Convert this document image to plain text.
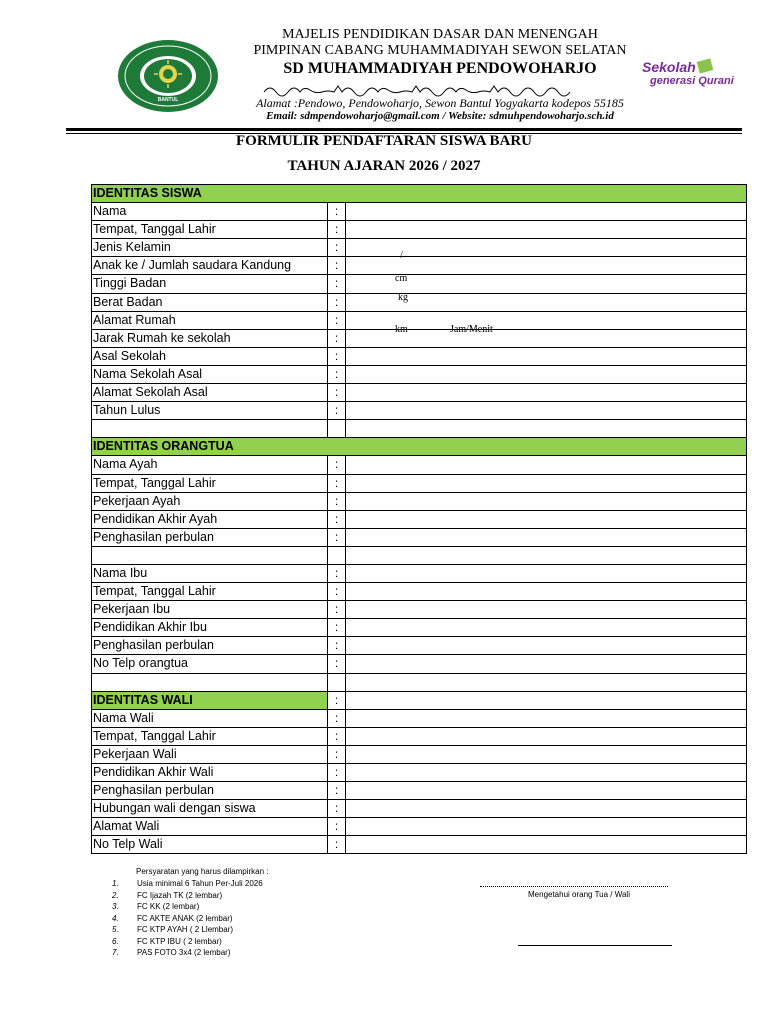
BANTUL
Sekolah
generasi Qurani
MAJELIS PENDIDIKAN DASAR DAN MENENGAH
PIMPINAN CABANG MUHAMMADIYAH SEWON SELATAN
SD MUHAMMADIYAH PENDOWOHARJO
Alamat :Pendowo, Pendowoharjo, Sewon Bantul Yogyakarta kodepos 55185
Email: sdmpendowoharjo@gmail.com / Website: sdmuhpendowoharjo.sch.id
FORMULIR PENDAFTARAN SISWA BARU
TAHUN AJARAN 2026 / 2027
IDENTITAS SISWA
Nama	:
Tempat, Tanggal Lahir	:
Jenis Kelamin	:
Anak ke / Jumlah saudara Kandung	:
/
Tinggi Badan	:	cm
Berat Badan	:	kg
Alamat Rumah	:
Jarak Rumah ke sekolah	:
km	Jam/Menit
Asal Sekolah	:
Nama Sekolah Asal	:
Alamat Sekolah Asal	:
Tahun Lulus	:
IDENTITAS ORANGTUA
Nama Ayah	:
Tempat, Tanggal Lahir	:
Pekerjaan Ayah	:
Pendidikan Akhir Ayah	:
Penghasilan perbulan	:
Nama Ibu	:
Tempat, Tanggal Lahir	:
Pekerjaan Ibu	:
Pendidikan Akhir Ibu	:
Penghasilan perbulan	:
No Telp orangtua	:
IDENTITAS WALI	:
Nama Wali	:
Tempat, Tanggal Lahir	:
Pekerjaan Wali	:
Pendidikan Akhir Wali	:
Penghasilan perbulan	:
Hubungan wali dengan siswa	:
Alamat Wali	:
No Telp Wali	:
Persyaratan yang harus dilampirkan :
1. Usia minimal 6 Tahun Per-Juli 2026
2. FC Ijazah TK (2 lembar)
3. FC KK (2 lembar)
4. FC AKTE ANAK (2 lembar)
5. FC KTP AYAH ( 2 Llembar)
6. FC KTP IBU ( 2 lembar)
7. PAS FOTO 3x4 (2 lembar)
Mengetahui orang Tua / Wali
